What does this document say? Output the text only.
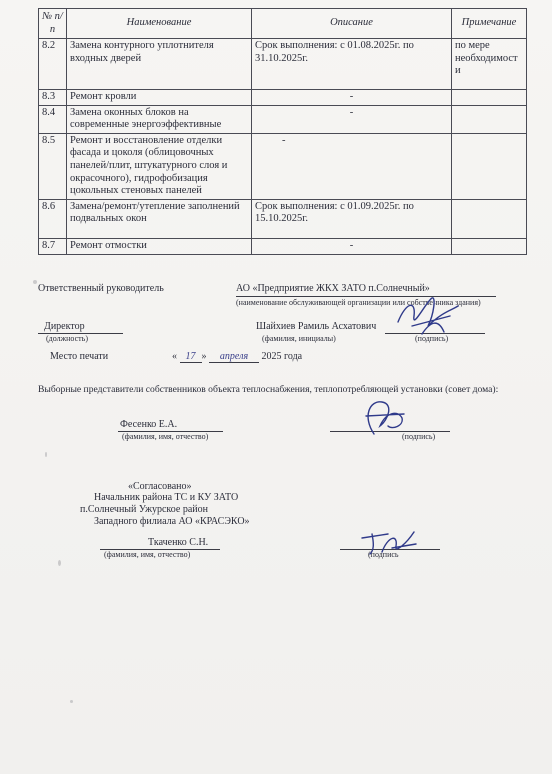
№ п/п	Наименование	Описание	Примечание
8.2	Замена контурного уплотнителя входных дверей	Срок выполнения: с 01.08.2025г. по 31.10.2025г.	по мере необходимост и
8.3	Ремонт кровли	-	
8.4	Замена оконных блоков на современные энергоэффективные	-	
8.5	Ремонт и восстановление отделки фасада и цоколя (облицовочных панелей/плит, штукатурного слоя и окрасочного), гидрофобизация цокольных стеновых панелей	-	
8.6	Замена/ремонт/утепление заполнений подвальных окон	Срок выполнения: с 01.09.2025г. по 15.10.2025г.	
8.7	Ремонт отмостки	-	
Ответственный руководитель	АО «Предприятие ЖКХ ЗАТО п.Солнечный»
(наименование обслуживающей организации или собственника здания)
Директор
(должность)
Шайхиев Рамиль Асхатович
(фамилия, инициалы)	(подпись)
Место печати	« 17 » апреля 2025 года
Выборные представители собственников объекта теплоснабжения, теплопотребляющей установки (совет дома):
Фесенко Е.А.
(фамилия, имя, отчество)	(подпись)
«Согласовано»
Начальник района ТС и КУ ЗАТО
п.Солнечный Ужурское район
Западного филиала АО «КРАСЭКО»
Ткаченко С.Н.
(фамилия, имя, отчество)	(подпись
